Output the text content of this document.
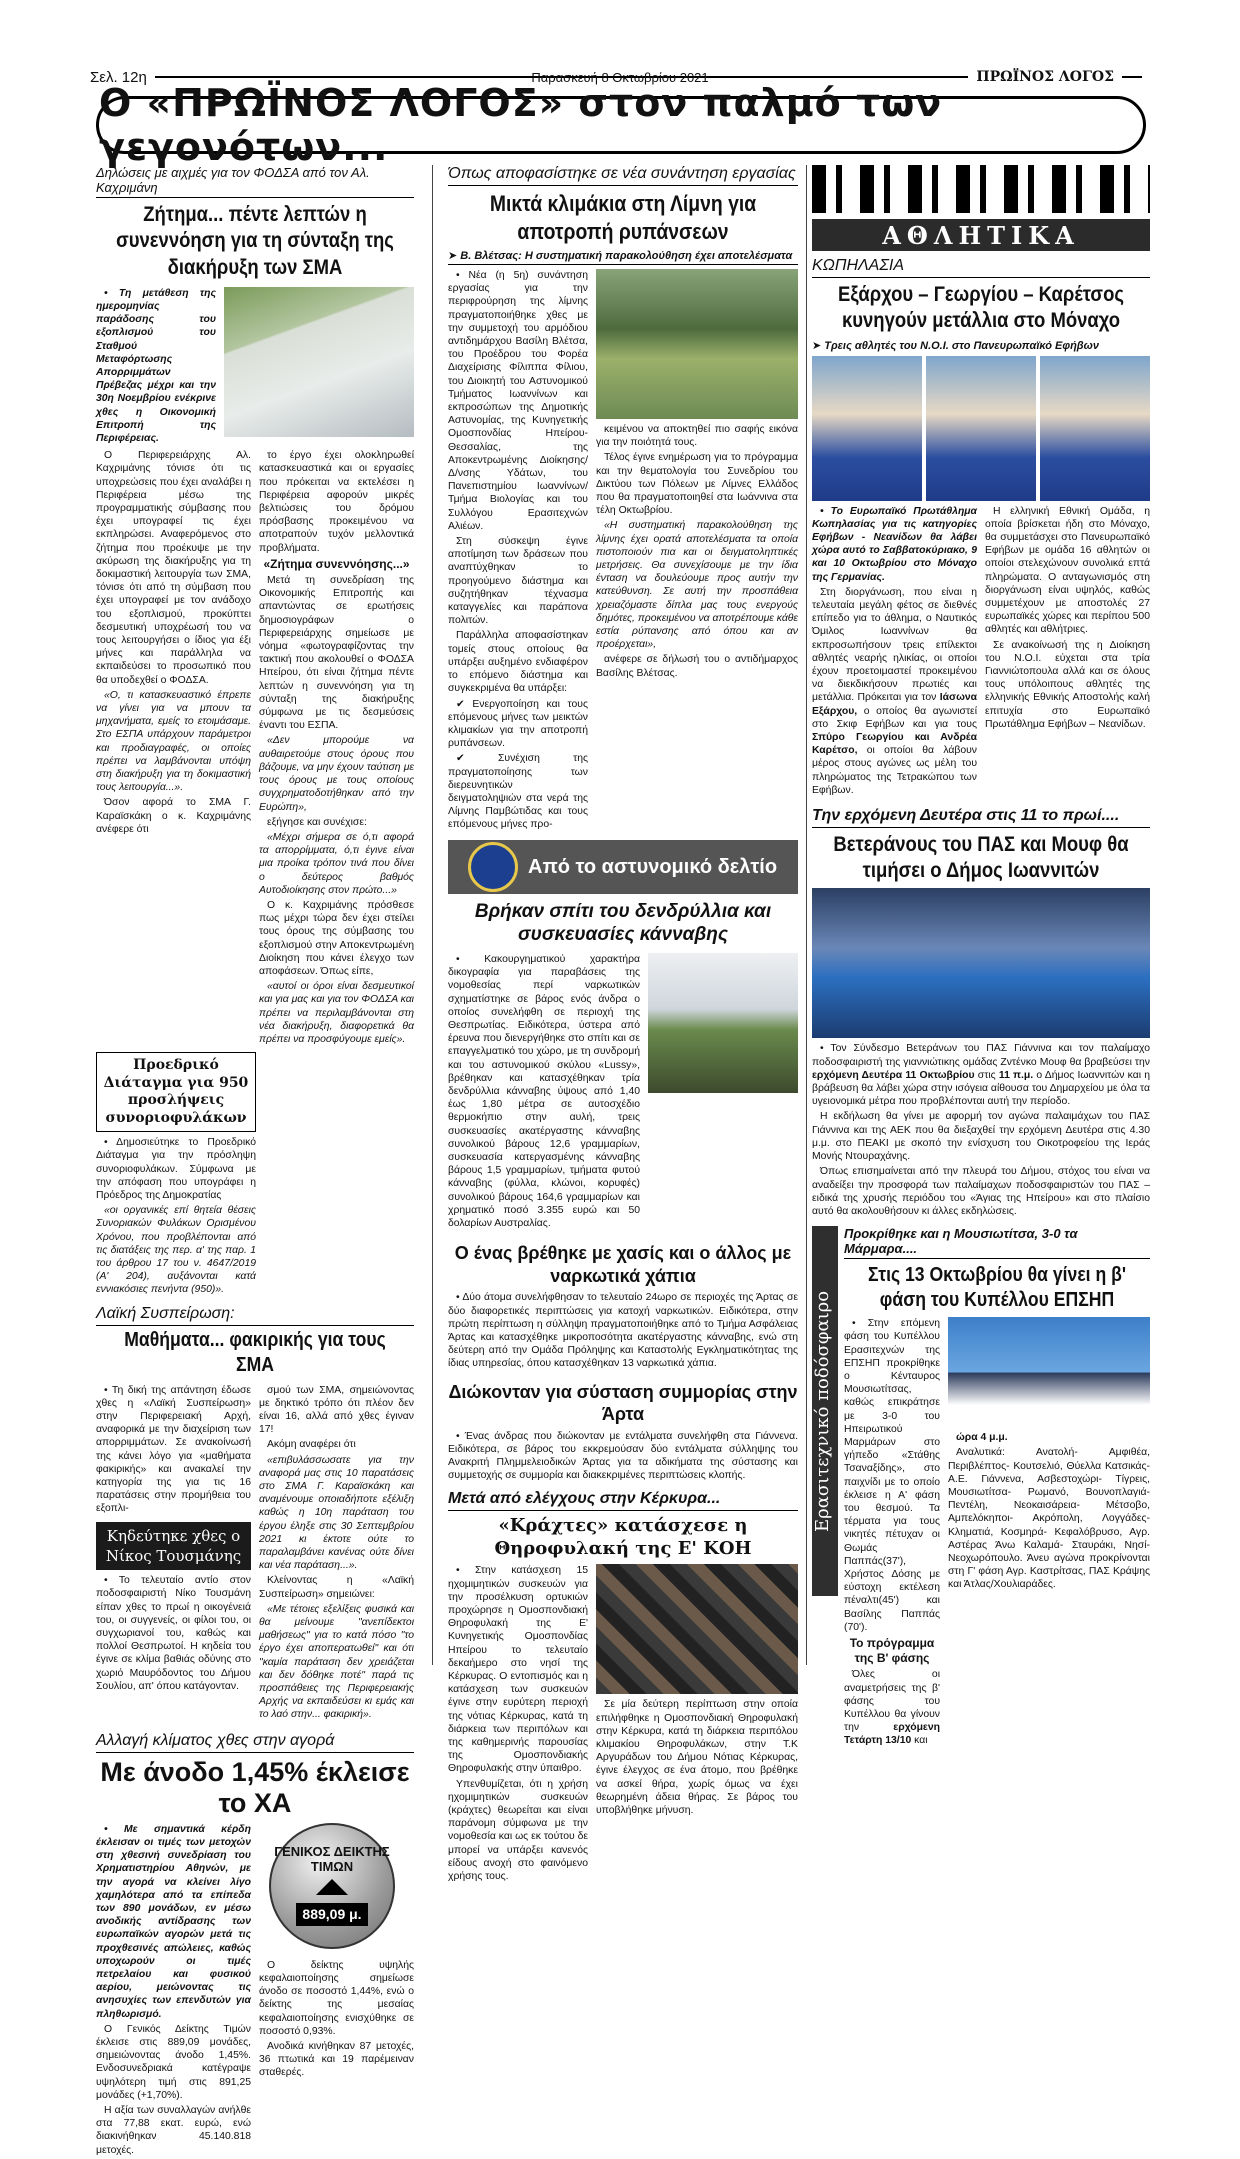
Σελ. 12η	ΠΡΩΪΝΟΣ ΛΟΓΟΣ
Παρασκευή 8 Οκτωβρίου 2021
Ο «ΠΡΩΪΝΟΣ ΛΟΓΟΣ» στον παλμό των γεγονότων...
Δηλώσεις με αιχμές για τον ΦΟΔΣΑ από τον Αλ. Καχριμάνη
Ζήτημα... πέντε λεπτών η συνεννόηση για τη σύνταξη της διακήρυξη των ΣΜΑ

• Τη μετάθεση της ημερομηνίας παράδοσης του εξοπλισμού του Σταθμού Μεταφόρτωσης Απορριμμάτων Πρέβεζας μέχρι και την 30η Νοεμβρίου ενέκρινε χθες η Οικονομική Επιτροπή της Περιφέρειας.

Ο Περιφερειάρχης Αλ. Καχριμάνης τόνισε ότι τις υποχρεώσεις που έχει αναλάβει η Περιφέρεια μέσω της προγραμματικής σύμβασης που έχει υπογραφεί τις έχει εκπληρώσει. Αναφερόμενος στο ζήτημα που προέκυψε με την ακύρωση της διακήρυξης για τη δοκιμαστική λειτουργία των ΣΜΑ, τόνισε ότι από τη σύμβαση που έχει υπογραφεί με τον ανάδοχο του εξοπλισμού, προκύπτει δεσμευτική υποχρέωσή του να τους λειτουργήσει ο ίδιος για έξι μήνες και παράλληλα να εκπαιδεύσει το προσωπικό που θα υποδεχθεί ο ΦΟΔΣΑ.

«Ο, τι κατασκευαστικό έπρεπε να γίνει για να μπουν τα μηχανήματα, εμείς το ετοιμάσαμε. Στο ΕΣΠΑ υπάρχουν παράμετροι και προδιαγραφές, οι οποίες πρέπει να λαμβάνονται υπόψη στη διακήρυξη για τη δοκιμαστική τους λειτουργία...».

Όσον αφορά το ΣΜΑ Γ. Καραϊσκάκη ο κ. Καχριμάνης ανέφερε ότι

το έργο έχει ολοκληρωθεί κατασκευαστικά και οι εργασίες που πρόκειται να εκτελέσει η Περιφέρεια αφορούν μικρές βελτιώσεις του δρόμου πρόσβασης προκειμένου να αποτραπούν τυχόν μελλοντικά προβλήματα.

«Ζήτημα συνεννόησης...»

Μετά τη συνεδρίαση της Οικονομικής Επιτροπής και απαντώντας σε ερωτήσεις δημοσιογράφων ο Περιφερειάρχης σημείωσε με νόημα «φωτογραφίζοντας την τακτική που ακολουθεί ο ΦΟΔΣΑ Ηπείρου, ότι είναι ζήτημα πέντε λεπτών η συνεννόηση για τη σύνταξη της διακήρυξης σύμφωνα με τις δεσμεύσεις έναντι του ΕΣΠΑ.

«Δεν μπορούμε να αυθαιρετούμε στους όρους που βάζουμε, να μην έχουν ταύτιση με τους όρους με τους οποίους συγχρηματοδοτήθηκαν από την Ευρώπη»,

εξήγησε και συνέχισε:

«Μέχρι σήμερα σε ό,τι αφορά τα απορρίμματα, ό,τι έγινε είναι μια προίκα τρόπον τινά που δίνει ο δεύτερος βαθμός Αυτοδιοίκησης στον πρώτο...»

Ο κ. Καχριμάνης πρόσθεσε πως μέχρι τώρα δεν έχει στείλει τους όρους της σύμβασης του εξοπλισμού στην Αποκεντρωμένη Διοίκηση που κάνει έλεγχο των αποφάσεων. Όπως είπε,

«αυτοί οι όροι είναι δεσμευτικοί και για μας και για τον ΦΟΔΣΑ και πρέπει να περιλαμβάνονται στη νέα διακήρυξη, διαφορετικά θα πρέπει να προσφύγουμε εμείς».

Προεδρικό Διάταγμα για 950 προσλήψεις συνοριοφυλάκων

• Δημοσιεύτηκε το Προεδρικό Διάταγμα για την πρόσληψη συνοριοφυλάκων. Σύμφωνα με την απόφαση που υπογράφει η Πρόεδρος της Δημοκρατίας

«οι οργανικές επί θητεία θέσεις Συνοριακών Φυλάκων Ορισμένου Χρόνου, που προβλέπονται από τις διατάξεις της περ. α' της παρ. 1 του άρθρου 17 του ν. 4647/2019 (Α' 204), αυξάνονται κατά εννιακόσιες πενήντα (950)».

Λαϊκή Συσπείρωση:
Μαθήματα... φακιρικής για τους ΣΜΑ

• Τη δική της απάντηση έδωσε χθες η «Λαϊκή Συσπείρωση» στην Περιφερειακή Αρχή, αναφορικά με την διαχείριση των απορριμμάτων. Σε ανακοίνωσή της κάνει λόγο για «μαθήματα φακιρικής» και ανακαλεί την κατηγορία της για τις 16 παρατάσεις στην προμήθεια του εξοπλι-

Κηδεύτηκε χθες ο Νίκος Τουσμάνης

• Το τελευταίο αντίο στον ποδοσφαιριστή Νίκο Τουσμάνη είπαν χθες το πρωί η οικογένειά του, οι συγγενείς, οι φίλοι του, οι συγχωριανοί του, καθώς και πολλοί Θεσπρωτοί. Η κηδεία του έγινε σε κλίμα βαθιάς οδύνης στο χωριό Μαυρόδοντος του Δήμου Σουλίου, απ' όπου κατάγονταν.

σμού των ΣΜΑ, σημειώνοντας με δηκτικό τρόπο ότι πλέον δεν είναι 16, αλλά από χθες έγιναν 17!

Ακόμη αναφέρει ότι

«επιβυλάσσωσατε για την αναφορά μας στις 10 παρατάσεις στο ΣΜΑ Γ. Καραϊσκάκη και αναμένουμε οποιαδήποτε εξέλιξη καθώς η 10η παράταση του έργου έληξε στις 30 Σεπτεμβρίου 2021 κι έκτοτε ούτε το παραλαμβάνει κανένας ούτε δίνει και νέα παράταση...».

Κλείνοντας η «Λαϊκή Συσπείρωση» σημειώνει:

«Με τέτοιες εξελίξεις φυσικά και θα μείνουμε "ανεπίδεκτοι μαθήσεως" για το κατά πόσο "το έργο έχει αποπερατωθεί" και ότι "καμία παράταση δεν χρειάζεται και δεν δόθηκε ποτέ" παρά τις προσπάθειες της Περιφερειακής Αρχής να εκπαιδεύσει κι εμάς και το λαό στην... φακιρική».

Αλλαγή κλίματος χθες στην αγορά
Με άνοδο 1,45% έκλεισε το ΧΑ

• Με σημαντικά κέρδη έκλεισαν οι τιμές των μετοχών στη χθεσινή συνεδρίαση του Χρηματιστηρίου Αθηνών, με την αγορά να κλείνει λίγο χαμηλότερα από τα επίπεδα των 890 μονάδων, εν μέσω ανοδικής αντίδρασης των ευρωπαϊκών αγορών μετά τις προχθεσινές απώλειες, καθώς υποχωρούν οι τιμές πετρελαίου και φυσικού αερίου, μειώνοντας τις ανησυχίες των επενδυτών για πληθωρισμό.

Ο Γενικός Δείκτης Τιμών έκλεισε στις 889,09 μονάδες, σημειώνοντας άνοδο 1,45%. Ενδοσυνεδριακά κατέγραψε υψηλότερη τιμή στις 891,25 μονάδες (+1,70%).

Η αξία των συναλλαγών ανήλθε στα 77,88 εκατ. ευρώ, ενώ διακινήθηκαν 45.140.818 μετοχές.

ΓΕΝΙΚΟΣ ΔΕΙΚΤΗΣ ΤΙΜΩΝ
889,09 μ.

Ο δείκτης υψηλής κεφαλαιοποίησης σημείωσε άνοδο σε ποσοστό 1,44%, ενώ ο δείκτης της μεσαίας κεφαλαιοποίησης ενισχύθηκε σε ποσοστό 0,93%.

Ανοδικά κινήθηκαν 87 μετοχές, 36 πτωτικά και 19 παρέμειναν σταθερές.

Όπως αποφασίστηκε σε νέα συνάντηση εργασίας
Μικτά κλιμάκια στη Λίμνη για αποτροπή ρυπάνσεων
➤ Β. Βλέτσας: Η συστηματική παρακολούθηση έχει αποτελέσματα

• Νέα (η 5η) συνάντηση εργασίας για την περιφρούρηση της λίμνης πραγματοποιήθηκε χθες με την συμμετοχή του αρμόδιου αντιδημάρχου Βασίλη Βλέτσα, του Προέδρου του Φορέα Διαχείρισης Φίλιππα Φίλιου, του Διοικητή του Αστυνομικού Τμήματος Ιωαννίνων και εκπροσώπων της Δημοτικής Αστυνομίας, της Κυνηγετικής Ομοσπονδίας Ηπείρου-Θεσσαλίας, της Αποκεντρωμένης Διοίκησης/Δ/νσης Υδάτων, του Πανεπιστημίου Ιωαννίνων/Τμήμα Βιολογίας και του Συλλόγου Ερασιτεχνών Αλιέων.

Στη σύσκεψη έγινε αποτίμηση των δράσεων που αναπτύχθηκαν το προηγούμενο διάστημα και συζητήθηκαν τέχνασμα καταγγελίες και παράπονα πολιτών.

Παράλληλα αποφασίστηκαν τομείς στους οποίους θα υπάρξει αυξημένο ενδιαφέρον το επόμενο διάστημα και συγκεκριμένα θα υπάρξει:

✔ Ενεργοποίηση και τους επόμενους μήνες των μεικτών κλιμακίων για την αποτροπή ρυπάνσεων.

✔ Συνέχιση της πραγματοποίησης των διερευνητικών δειγματοληψιών στα νερά της Λίμνης Παμβώτιδας και τους επόμενους μήνες προ-

κειμένου να αποκτηθεί πιο σαφής εικόνα για την ποιότητά τους.

Τέλος έγινε ενημέρωση για το πρόγραμμα και την θεματολογία του Συνεδρίου του Δικτύου των Πόλεων με Λίμνες Ελλάδος που θα πραγματοποιηθεί στα Ιωάννινα στα τέλη Οκτωβρίου.

«Η συστηματική παρακολούθηση της λίμνης έχει ορατά αποτελέσματα τα οποία πιστοποιούν πια και οι δειγματοληπτικές μετρήσεις. Θα συνεχίσουμε με την ίδια ένταση να δουλεύουμε προς αυτήν την κατεύθυνση. Σε αυτή την προσπάθεια χρειαζόμαστε δίπλα μας τους ενεργούς δημότες, προκειμένου να αποτρέπουμε κάθε εστία ρύπανσης από όπου και αν προέρχεται»,

ανέφερε σε δήλωσή του ο αντιδήμαρχος Βασίλης Βλέτσας.

Από το αστυνομικό δελτίο
Βρήκαν σπίτι του δενδρύλλια και συσκευασίες κάνναβης

• Κακουργηματικού χαρακτήρα δικογραφία για παραβάσεις της νομοθεσίας περί ναρκωτικών σχηματίστηκε σε βάρος ενός άνδρα ο οποίος συνελήφθη σε περιοχή της Θεσπρωτίας. Ειδικότερα, ύστερα από έρευνα που διενεργήθηκε στο σπίτι και σε επαγγελματικό του χώρο, με τη συνδρομή και του αστυνομικού σκύλου «Lussy», βρέθηκαν και κατασχέθηκαν τρία δενδρύλλια κάνναβης ύψους από 1,40 έως 1,80 μέτρα σε αυτοσχέδιο θερμοκήπιο στην αυλή, τρεις συσκευασίες ακατέργαστης κάνναβης συνολικού βάρους 12,6 γραμμαρίων, συσκευασία κατεργασμένης κάνναβης βάρους 1,5 γραμμαρίων, τμήματα φυτού κάνναβης (φύλλα, κλώνοι, κορυφές) συνολικού βάρους 164,6 γραμμαρίων και χρηματικό ποσό 3.355 ευρώ και 50 δολαρίων Αυστραλίας.

Ο ένας βρέθηκε με χασίς και ο άλλος με ναρκωτικά χάπια

• Δύο άτομα συνελήφθησαν το τελευταίο 24ωρο σε περιοχές της Άρτας σε δύο διαφορετικές περιπτώσεις για κατοχή ναρκωτικών. Ειδικότερα, στην πρώτη περίπτωση η σύλληψη πραγματοποιήθηκε από το Τμήμα Ασφάλειας Άρτας και κατασχέθηκε μικροποσότητα ακατέργαστης κάνναβης, ενώ στη δεύτερη από την Ομάδα Πρόληψης και Καταστολής Εγκληματικότητας της ίδιας υπηρεσίας, όπου κατασχέθηκαν 13 ναρκωτικά χάπια.

Διώκονταν για σύσταση συμμορίας στην Άρτα

• Ένας άνδρας που διώκονταν με εντάλματα συνελήφθη στα Γιάννενα. Ειδικότερα, σε βάρος του εκκρεμούσαν δύο εντάλματα σύλληψης του Ανακριτή Πλημμελειοδικών Άρτας για τα αδικήματα της σύστασης και συμμετοχής σε συμμορία και διακεκριμένες περιπτώσεις κλοπής.

Μετά από ελέγχους στην Κέρκυρα...
«Κράχτες» κατάσχεσε η Θηροφυλακή της Ε' ΚΟΗ

• Στην κατάσχεση 15 ηχομιμητικών συσκευών για την προσέλκυση ορτυκιών προχώρησε η Ομοσπονδιακή Θηροφυλακή της Ε' Κυνηγετικής Ομοσπονδίας Ηπείρου το τελευταίο δεκαήμερο στο νησί της Κέρκυρας. Ο εντοπισμός και η κατάσχεση των συσκευών έγινε στην ευρύτερη περιοχή της νότιας Κέρκυρας, κατά τη διάρκεια των περιπόλων και της καθημερινής παρουσίας της Ομοσπονδιακής Θηροφυλακής στην ύπαιθρο.

Υπενθυμίζεται, ότι η χρήση ηχομιμητικών συσκευών (κράχτες) θεωρείται και είναι παράνομη σύμφωνα με την νομοθεσία και ως εκ τούτου δε μπορεί να υπάρξει κανενός είδους ανοχή στο φαινόμενο χρήσης τους.

Σε μία δεύτερη περίπτωση στην οποία επιλήφθηκε η Ομοσπονδιακή Θηροφυλακή στην Κέρκυρα, κατά τη διάρκεια περιπόλου κλιμακίου Θηροφυλάκων, στην Τ.Κ Αργυράδων του Δήμου Νότιας Κέρκυρας, έγινε έλεγχος σε ένα άτομο, που βρέθηκε να ασκεί θήρα, χωρίς όμως να έχει θεωρημένη άδεια θήρας. Σε βάρος του υποβλήθηκε μήνυση.

ΑΘΛΗΤΙΚΑ
ΚΩΠΗΛΑΣΙΑ
Εξάρχου – Γεωργίου – Καρέτσος κυνηγούν μετάλλια στο Μόναχο
➤ Τρεις αθλητές του Ν.Ο.Ι. στο Πανευρωπαϊκό Εφήβων

• Το Ευρωπαϊκό Πρωτάθλημα Κωπηλασίας για τις κατηγορίες Εφήβων - Νεανίδων θα λάβει χώρα αυτό το Σαββατοκύριακο, 9 και 10 Οκτωβρίου στο Μόναχο της Γερμανίας.

Στη διοργάνωση, που είναι η τελευταία μεγάλη φέτος σε διεθνές επίπεδο για το άθλημα, ο Ναυτικός Όμιλος Ιωαννίνων θα εκπροσωπήσουν τρεις επίλεκτοι αθλητές νεαρής ηλικίας, οι οποίοι έχουν προετοιμαστεί προκειμένου να διεκδικήσουν πρωτιές και μετάλλια. Πρόκειται για τον Ιάσωνα Εξάρχου, ο οποίος θα αγωνιστεί στο Σκιφ Εφήβων και για τους Σπύρο Γεωργίου και Ανδρέα Καρέτσο, οι οποίοι θα λάβουν μέρος στους αγώνες ως μέλη του πληρώματος της Τετρακώπου των Εφήβων.

Η ελληνική Εθνική Ομάδα, η οποία βρίσκεται ήδη στο Μόναχο, θα συμμετάσχει στο Πανευρωπαϊκό Εφήβων με ομάδα 16 αθλητών οι οποίοι στελεχώνουν συνολικά επτά πληρώματα. Ο ανταγωνισμός στη διοργάνωση είναι υψηλός, καθώς συμμετέχουν με αποστολές 27 ευρωπαϊκές χώρες και περίπου 500 αθλητές και αθλήτριες.

Σε ανακοίνωσή της η Διοίκηση του Ν.Ο.Ι. εύχεται στα τρία Γιαννιώτοπουλα αλλά και σε όλους τους υπόλοιπους αθλητές της ελληνικής Εθνικής Αποστολής καλή επιτυχία στο Ευρωπαϊκό Πρωτάθλημα Εφήβων – Νεανίδων.

Την ερχόμενη Δευτέρα στις 11 το πρωί....
Βετεράνους του ΠΑΣ και Μουφ θα τιμήσει ο Δήμος Ιωαννιτών

• Τον Σύνδεσμο Βετεράνων του ΠΑΣ Γιάννινα και τον παλαίμαχο ποδοσφαιριστή της γιαννιώτικης ομάδας Ζντένκο Μουφ θα βραβεύσει την ερχόμενη Δευτέρα 11 Οκτωβρίου στις 11 π.μ. ο Δήμος Ιωαννιτών και η βράβευση θα λάβει χώρα στην ισόγεια αίθουσα του Δημαρχείου με όλα τα υγειονομικά μέτρα που προβλέπονται αυτή την περίοδο.

Η εκδήλωση θα γίνει με αφορμή τον αγώνα παλαιμάχων του ΠΑΣ Γιάννινα και της ΑΕΚ που θα διεξαχθεί την ερχόμενη Δευτέρα στις 4.30 μ.μ. στο ΠΕΑΚΙ με σκοπό την ενίσχυση του Οικοτροφείου της Ιεράς Μονής Ντουραχάνης.

Όπως επισημαίνεται από την πλευρά του Δήμου, στόχος του είναι να αναδείξει την προσφορά των παλαίμαχων ποδοσφαιριστών του ΠΑΣ –ειδικά της χρυσής περιόδου του «Άγιας της Ηπείρου» και στο πλαίσιο αυτό θα ακολουθήσουν κι άλλες εκδηλώσεις.

Ερασιτεχνικό ποδόσφαιρο
Προκρίθηκε και η Μουσιωτίτσα, 3-0 τα Μάρμαρα....
Στις 13 Οκτωβρίου θα γίνει η β' φάση του Κυπέλλου ΕΠΣΗΠ

• Στην επόμενη φάση του Κυπέλλου Ερασιτεχνών της ΕΠΣΗΠ προκρίθηκε ο Κένταυρος Μουσιωτίτσας, καθώς επικράτησε με 3-0 του Ηπειρωτικού Μαρμάρων στο γήπεδο «Στάθης Τσαναξίδης», στο παιχνίδι με το οποίο έκλεισε η Α' φάση του θεσμού. Τα τέρματα για τους νικητές πέτυχαν οι Θωμάς Παππάς(37'), Χρήστος Δόσης με εύστοχη εκτέλεση πέναλτι(45') και Βασίλης Παππάς (70').

Το πρόγραμμα της Β' φάσης

Όλες οι αναμετρήσεις της β' φάσης του Κυπέλλου θα γίνουν την	ερχόμενη Τετάρτη 13/10 και

ώρα 4 μ.μ.

Αναλυτικά: Ανατολή- Αμφιθέα, Περιβλέπτος- Κουτσελιό, Θύελλα Κατσικάς-Α.Ε. Γιάννενα, Ασβεστοχώρι- Τίγρεις, Μουσιωτίτσα- Ρωμανό, Βουνοπλαγιά- Πεντέλη, Νεοκαισάρεια- Μέτσοβο, Αμπελόκηποι- Ακρόπολη, Λογγάδες- Κληματιά, Κοσμηρά- Κεφαλόβρυσο, Αγρ. Αστέρας Άνω Καλαμά- Σταυράκι, Νησί- Νεοχωρόπουλο. Άνευ αγώνα προκρίνονται στη Γ' φάση Αγρ. Καστρίτσας, ΠΑΣ Κράψης και Άτλας/Χουλιαράδες.
